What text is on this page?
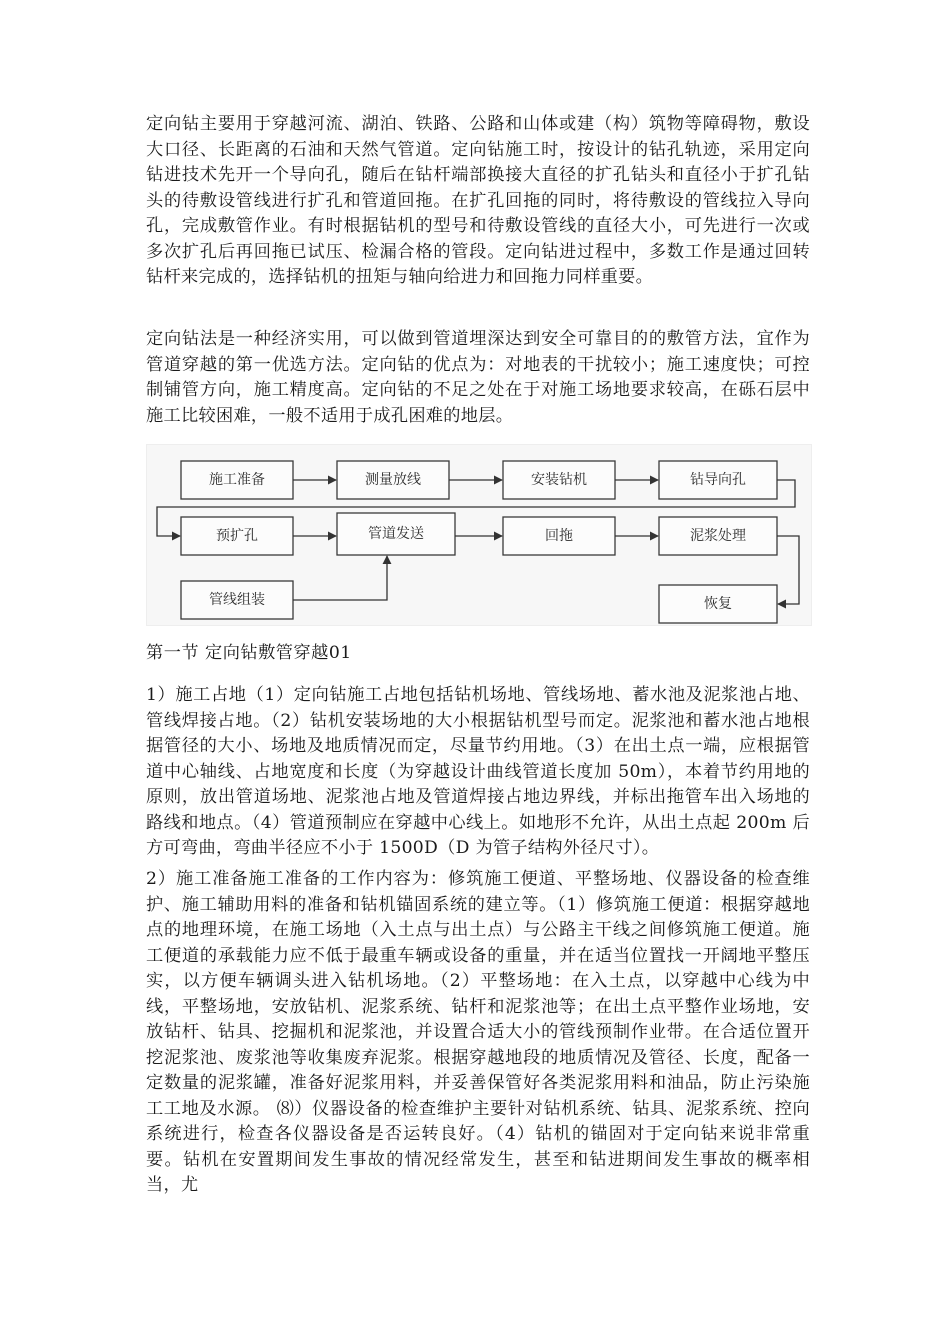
定向钻主要用于穿越河流、湖泊、铁路、公路和山体或建（构）筑物等障碍物，敷设大口径、长距离的石油和天然气管道。定向钻施工时，按设计的钻孔轨迹，采用定向钻进技术先开一个导向孔，随后在钻杆端部换接大直径的扩孔钻头和直径小于扩孔钻头的待敷设管线进行扩孔和管道回拖。在扩孔回拖的同时，将待敷设的管线拉入导向孔，完成敷管作业。有时根据钻机的型号和待敷设管线的直径大小，可先进行一次或多次扩孔后再回拖已试压、检漏合格的管段。定向钻进过程中，多数工作是通过回转钻杆来完成的，选择钻机的扭矩与轴向给进力和回拖力同样重要。

定向钻法是一种经济实用，可以做到管道埋深达到安全可靠目的的敷管方法，宜作为管道穿越的第一优选方法。定向钻的优点为：对地表的干扰较小；施工速度快；可控制铺管方向，施工精度高。定向钻的不足之处在于对施工场地要求较高，在砾石层中施工比较困难，一般不适用于成孔困难的地层。

施工准备	测量放线	安装钻机	钻导向孔
预扩孔	管道发送	回拖	泥浆处理
管线组装	恢复

第一节 定向钻敷管穿越01

1）施工占地（1）定向钻施工占地包括钻机场地、管线场地、蓄水池及泥浆池占地、管线焊接占地。（2）钻机安装场地的大小根据钻机型号而定。泥浆池和蓄水池占地根据管径的大小、场地及地质情况而定，尽量节约用地。（3）在出土点一端，应根据管道中心轴线、占地宽度和长度（为穿越设计曲线管道长度加 50m），本着节约用地的原则，放出管道场地、泥浆池占地及管道焊接占地边界线，并标出拖管车出入场地的路线和地点。（4）管道预制应在穿越中心线上。如地形不允许，从出土点起 200m 后方可弯曲，弯曲半径应不小于 1500D（D 为管子结构外径尺寸）。

2）施工准备施工准备的工作内容为：修筑施工便道、平整场地、仪器设备的检查维护、施工辅助用料的准备和钻机锚固系统的建立等。（1）修筑施工便道：根据穿越地点的地理环境，在施工场地（入土点与出土点）与公路主干线之间修筑施工便道。施工便道的承载能力应不低于最重车辆或设备的重量，并在适当位置找一开阔地平整压实，以方便车辆调头进入钻机场地。（2）平整场地：在入土点，以穿越中心线为中线，平整场地，安放钻机、泥浆系统、钻杆和泥浆池等；在出土点平整作业场地，安放钻杆、钻具、挖掘机和泥浆池，并设置合适大小的管线预制作业带。在合适位置开挖泥浆池、废浆池等收集废弃泥浆。根据穿越地段的地质情况及管径、长度，配备一定数量的泥浆罐，准备好泥浆用料，并妥善保管好各类泥浆用料和油品，防止污染施工工地及水源。 ⑻）仪器设备的检查维护主要针对钻机系统、钻具、泥浆系统、控向系统进行，检查各仪器设备是否运转良好。（4）钻机的锚固对于定向钻来说非常重要。钻机在安置期间发生事故的情况经常发生，甚至和钻进期间发生事故的概率相当，尤
